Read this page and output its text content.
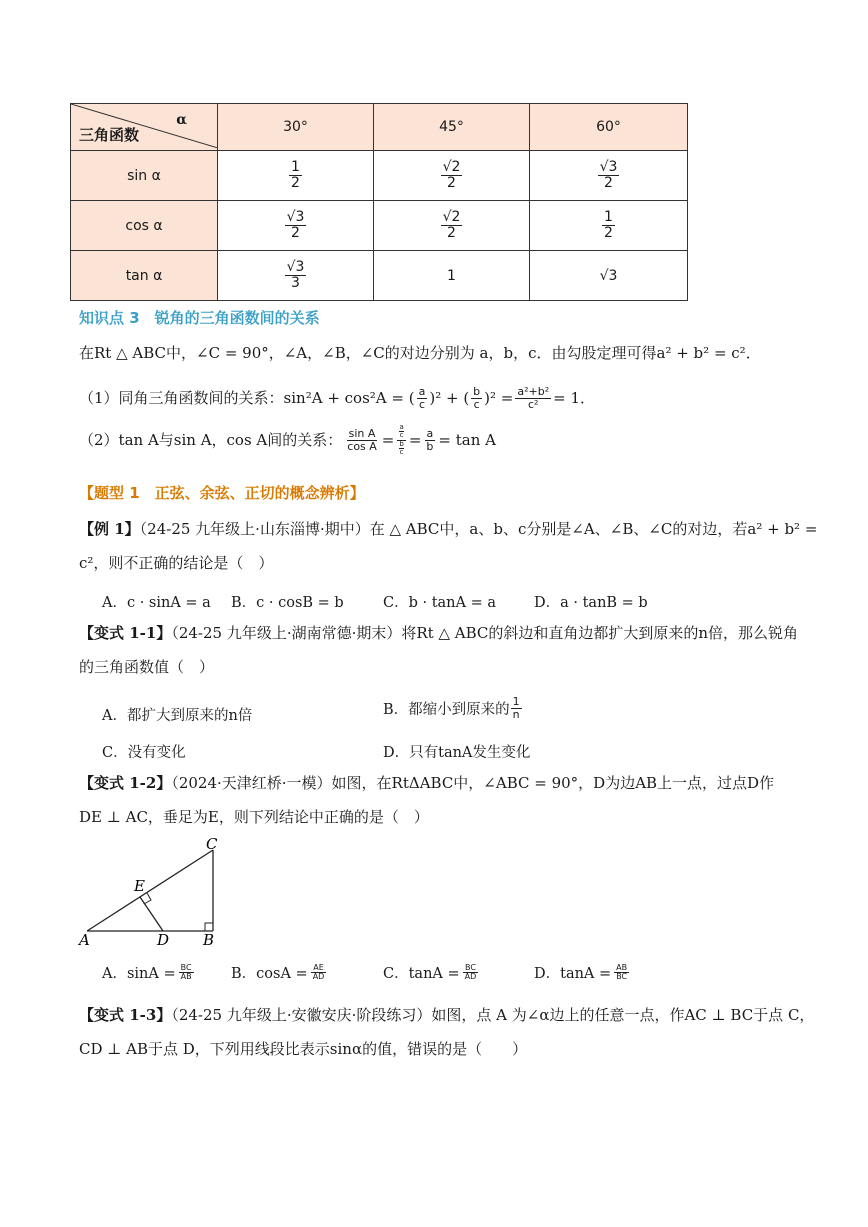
α
三角函数	30°	45°	60°
sin α	$\frac{1}{2}$	$\frac{√2}{2}$	$\frac{√3}{2}$

cos α	$\frac{√3}{2}$	$\frac{√2}{2}$	$\frac{1}{2}$

tan α	$\frac{√3}{3}$	1	√3
知识点 3　锐角的三角函数间的关系
在Rt △ ABC中，∠C = 90°，∠A，∠B，∠C的对边分别为 a，b，c．由勾股定理可得a² + b² = c²．
（1）同角三角函数间的关系：sin²A + cos²A = ( $\frac{a}{c} )^2$ + ( $\frac{b}{c} )^2 = \frac{\text{a²+b²}}{\text{c²}} = 1$．
（2）tan A与sin A，cos A间的关系： $\frac{\text{sin A}}{\text{cos A}} = a$
c
b
$c = \frac{a}{b} = \tan A$
【题型 1　正弦、余弦、正切的概念辨析】
【例 1】（24-25 九年级上·山东淄博·期中）在 △ ABC中，a、b、c分别是∠A、∠B、∠C的对边，若a² + b² =
c²，则不正确的结论是（　）
A．c · sinA = a B．c · cosB = b	C．b · tanA = a	D．a · tanB = b
【变式 1-1】（24-25 九年级上·湖南常德·期末）将Rt △ ABC的斜边和直角边都扩大到原来的n倍，那么锐角
的三角函数值（　）
A．都扩大到原来的n倍	B．都缩小到原来的 $\frac{1}{n}$
C．没有变化	D．只有tanA发生变化
【变式 1-2】（2024·天津红桥·一模）如图，在RtΔABC中，∠ABC = 90°，D为边AB上一点，过点D作
DE ⊥ AC，垂足为E，则下列结论中正确的是（　）
A	D B
C
E
A．$\sin A = \frac{BC}{AB}$	B．$\cos A = \frac{AE}{AD}$	C．$\tan A = \frac{BC}{AD}$	D．$\tan A = \frac{AB}{BC}$
【变式 1-3】（24-25 九年级上·安徽安庆·阶段练习）如图，点 A 为∠α边上的任意一点，作AC ⊥ BC于点 C，
CD ⊥ AB于点 D，下列用线段比表示sinα的值，错误的是（　　）
